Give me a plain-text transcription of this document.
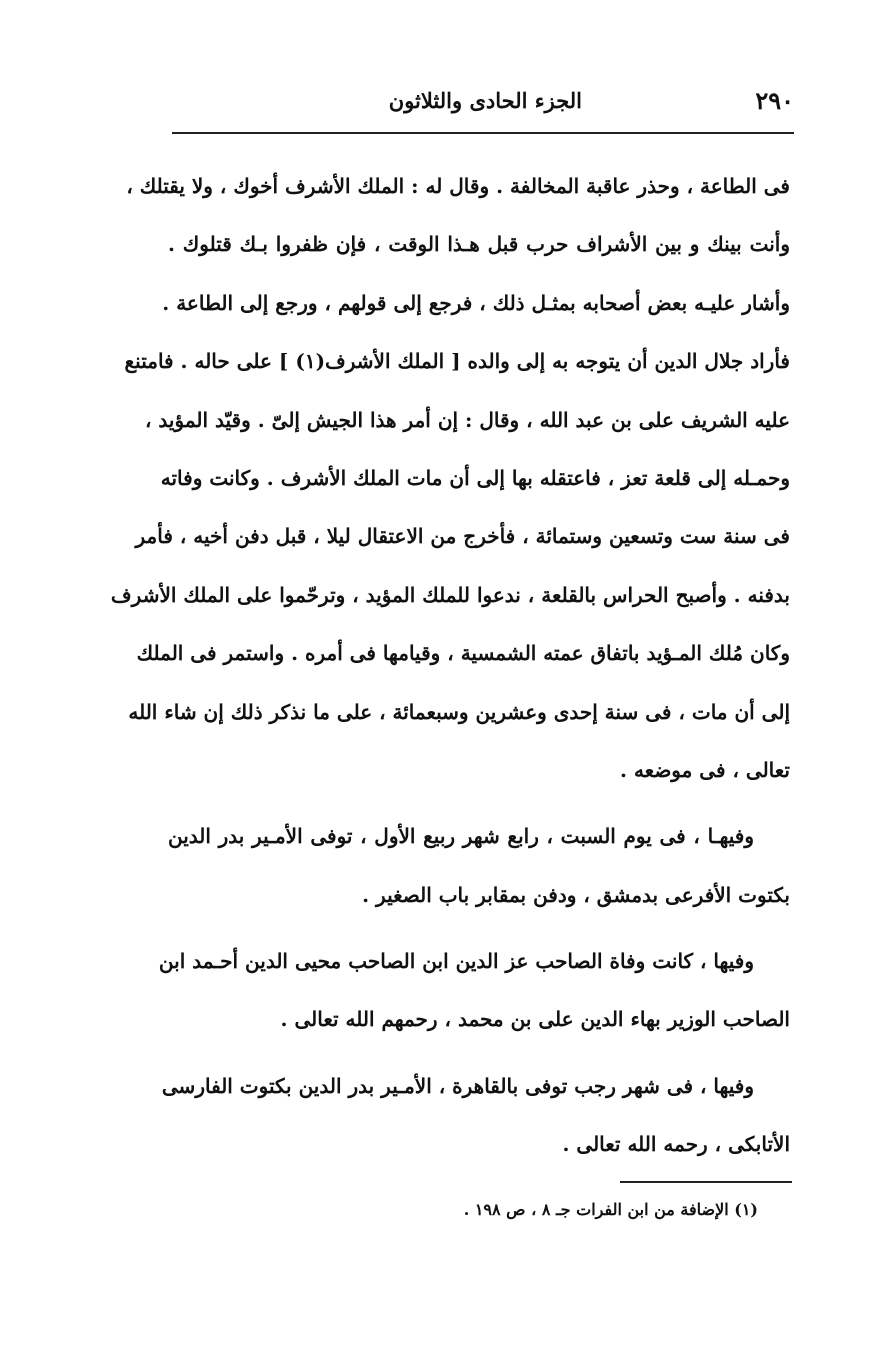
٢٩٠
الجزء الحادى والثلاثون
فى الطاعة ، وحذر عاقبة المخالفة . وقال له : الملك الأشرف أخوك ، ولا يقتلك ،
وأنت بينك و بين الأشراف حرب قبل هـذا الوقت ، فإن ظفروا بـك قتلوك .
وأشار عليـه بعض أصحابه بمثـل ذلك ، فرجع إلى قولهم ، ورجع إلى الطاعة .
فأراد جلال الدين أن يتوجه به إلى والده [ الملك الأشرف(١) ] على حاله . فامتنع
عليه الشريف على بن عبد الله ، وقال : إن أمر هذا الجيش إلىّ . وقيّد المؤيد ،
وحمـله إلى قلعة تعز ، فاعتقله بها إلى أن مات الملك الأشرف . وكانت وفاته
فى سنة ست وتسعين وستمائة ، فأخرج من الاعتقال ليلا ، قبل دفن أخيه ، فأمر
بدفنه . وأصبح الحراس بالقلعة ، ندعوا للملك المؤيد ، وترحّموا على الملك الأشرف
وكان مُلك المـؤيد باتفاق عمته الشمسية ، وقيامها فى أمره . واستمر فى الملك
إلى أن مات ، فى سنة إحدى وعشرين وسبعمائة ، على ما نذكر ذلك إن شاء الله
تعالى ، فى موضعه .
وفيهـا ، فى يوم السبت ، رابع شهر ربيع الأول ، توفى الأمـير بدر الدين
بكتوت الأفرعى بدمشق ، ودفن بمقابر باب الصغير .
وفيها ، كانت وفاة الصاحب عز الدين ابن الصاحب محيى الدين أحـمد ابن
الصاحب الوزير بهاء الدين على بن محمد ، رحمهم الله تعالى .
وفيها ، فى شهر رجب توفى بالقاهرة ، الأمـير بدر الدين بكتوت الفارسى
الأتابكى ، رحمه الله تعالى .
(١) الإضافة من ابن الفرات جـ ٨ ، ص ١٩٨ .
